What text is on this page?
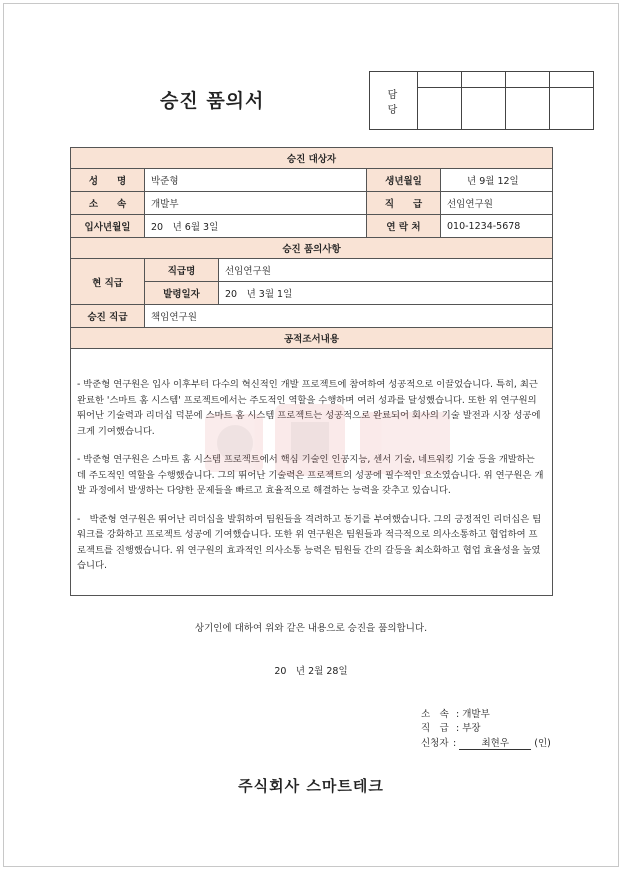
승진 품의서	담 당				

승진 대상자				
성　　명	박준형		생년월일	년 9월 12일
소　　속	개발부		직　　급	선임연구원
입사년월일	20　년 6월 3일		연 락 처	010-1234-5678
승진 품의사항				
현 직급	직급명	선임연구원		
	발령일자	20　년 3월 1일		
승진 직급	책임연구원			
공적조서내용				

- 박준형 연구원은 입사 이후부터 다수의 혁신적인 개발 프로젝트에 참여하여 성공적으로 이끌었습니다. 특히, 최근 완료한 '스마트 홈 시스템' 프로젝트에서는 주도적인 역할을 수행하며 여러 성과를 달성했습니다. 또한 위 연구원의 뛰어난 기술력과 리더십 덕분에 스마트 홈 시스템 프로젝트는 성공적으로 완료되어 회사의 기술 발전과 시장 성공에 크게 기여했습니다.
- 박준형 연구원은 스마트 홈 시스템 프로젝트에서 핵심 기술인 인공지능, 센서 기술, 네트워킹 기술 등을 개발하는 데 주도적인 역할을 수행했습니다. 그의 뛰어난 기술력은 프로젝트의 성공에 필수적인 요소였습니다. 위 연구원은 개발 과정에서 발생하는 다양한 문제들을 빠르고 효율적으로 해결하는 능력을 갖추고 있습니다.
-　박준형 연구원은 뛰어난 리더십을 발휘하여 팀원들을 격려하고 동기를 부여했습니다. 그의 긍정적인 리더십은 팀워크를 강화하고 프로젝트 성공에 기여했습니다. 또한 위 연구원은 팀원들과 적극적으로 의사소통하고 협업하여 프로젝트를 진행했습니다. 위 연구원의 효과적인 의사소통 능력은 팀원들 간의 갈등을 최소화하고 협업 효율성을 높였습니다.				
상기인에 대하여 위와 같은 내용으로 승진을 품의합니다.
20　년 2월 28일
소　속 : 개발부
직　급 : 부장
신청자 : 최현우	(인)
주식회사 스마트테크
